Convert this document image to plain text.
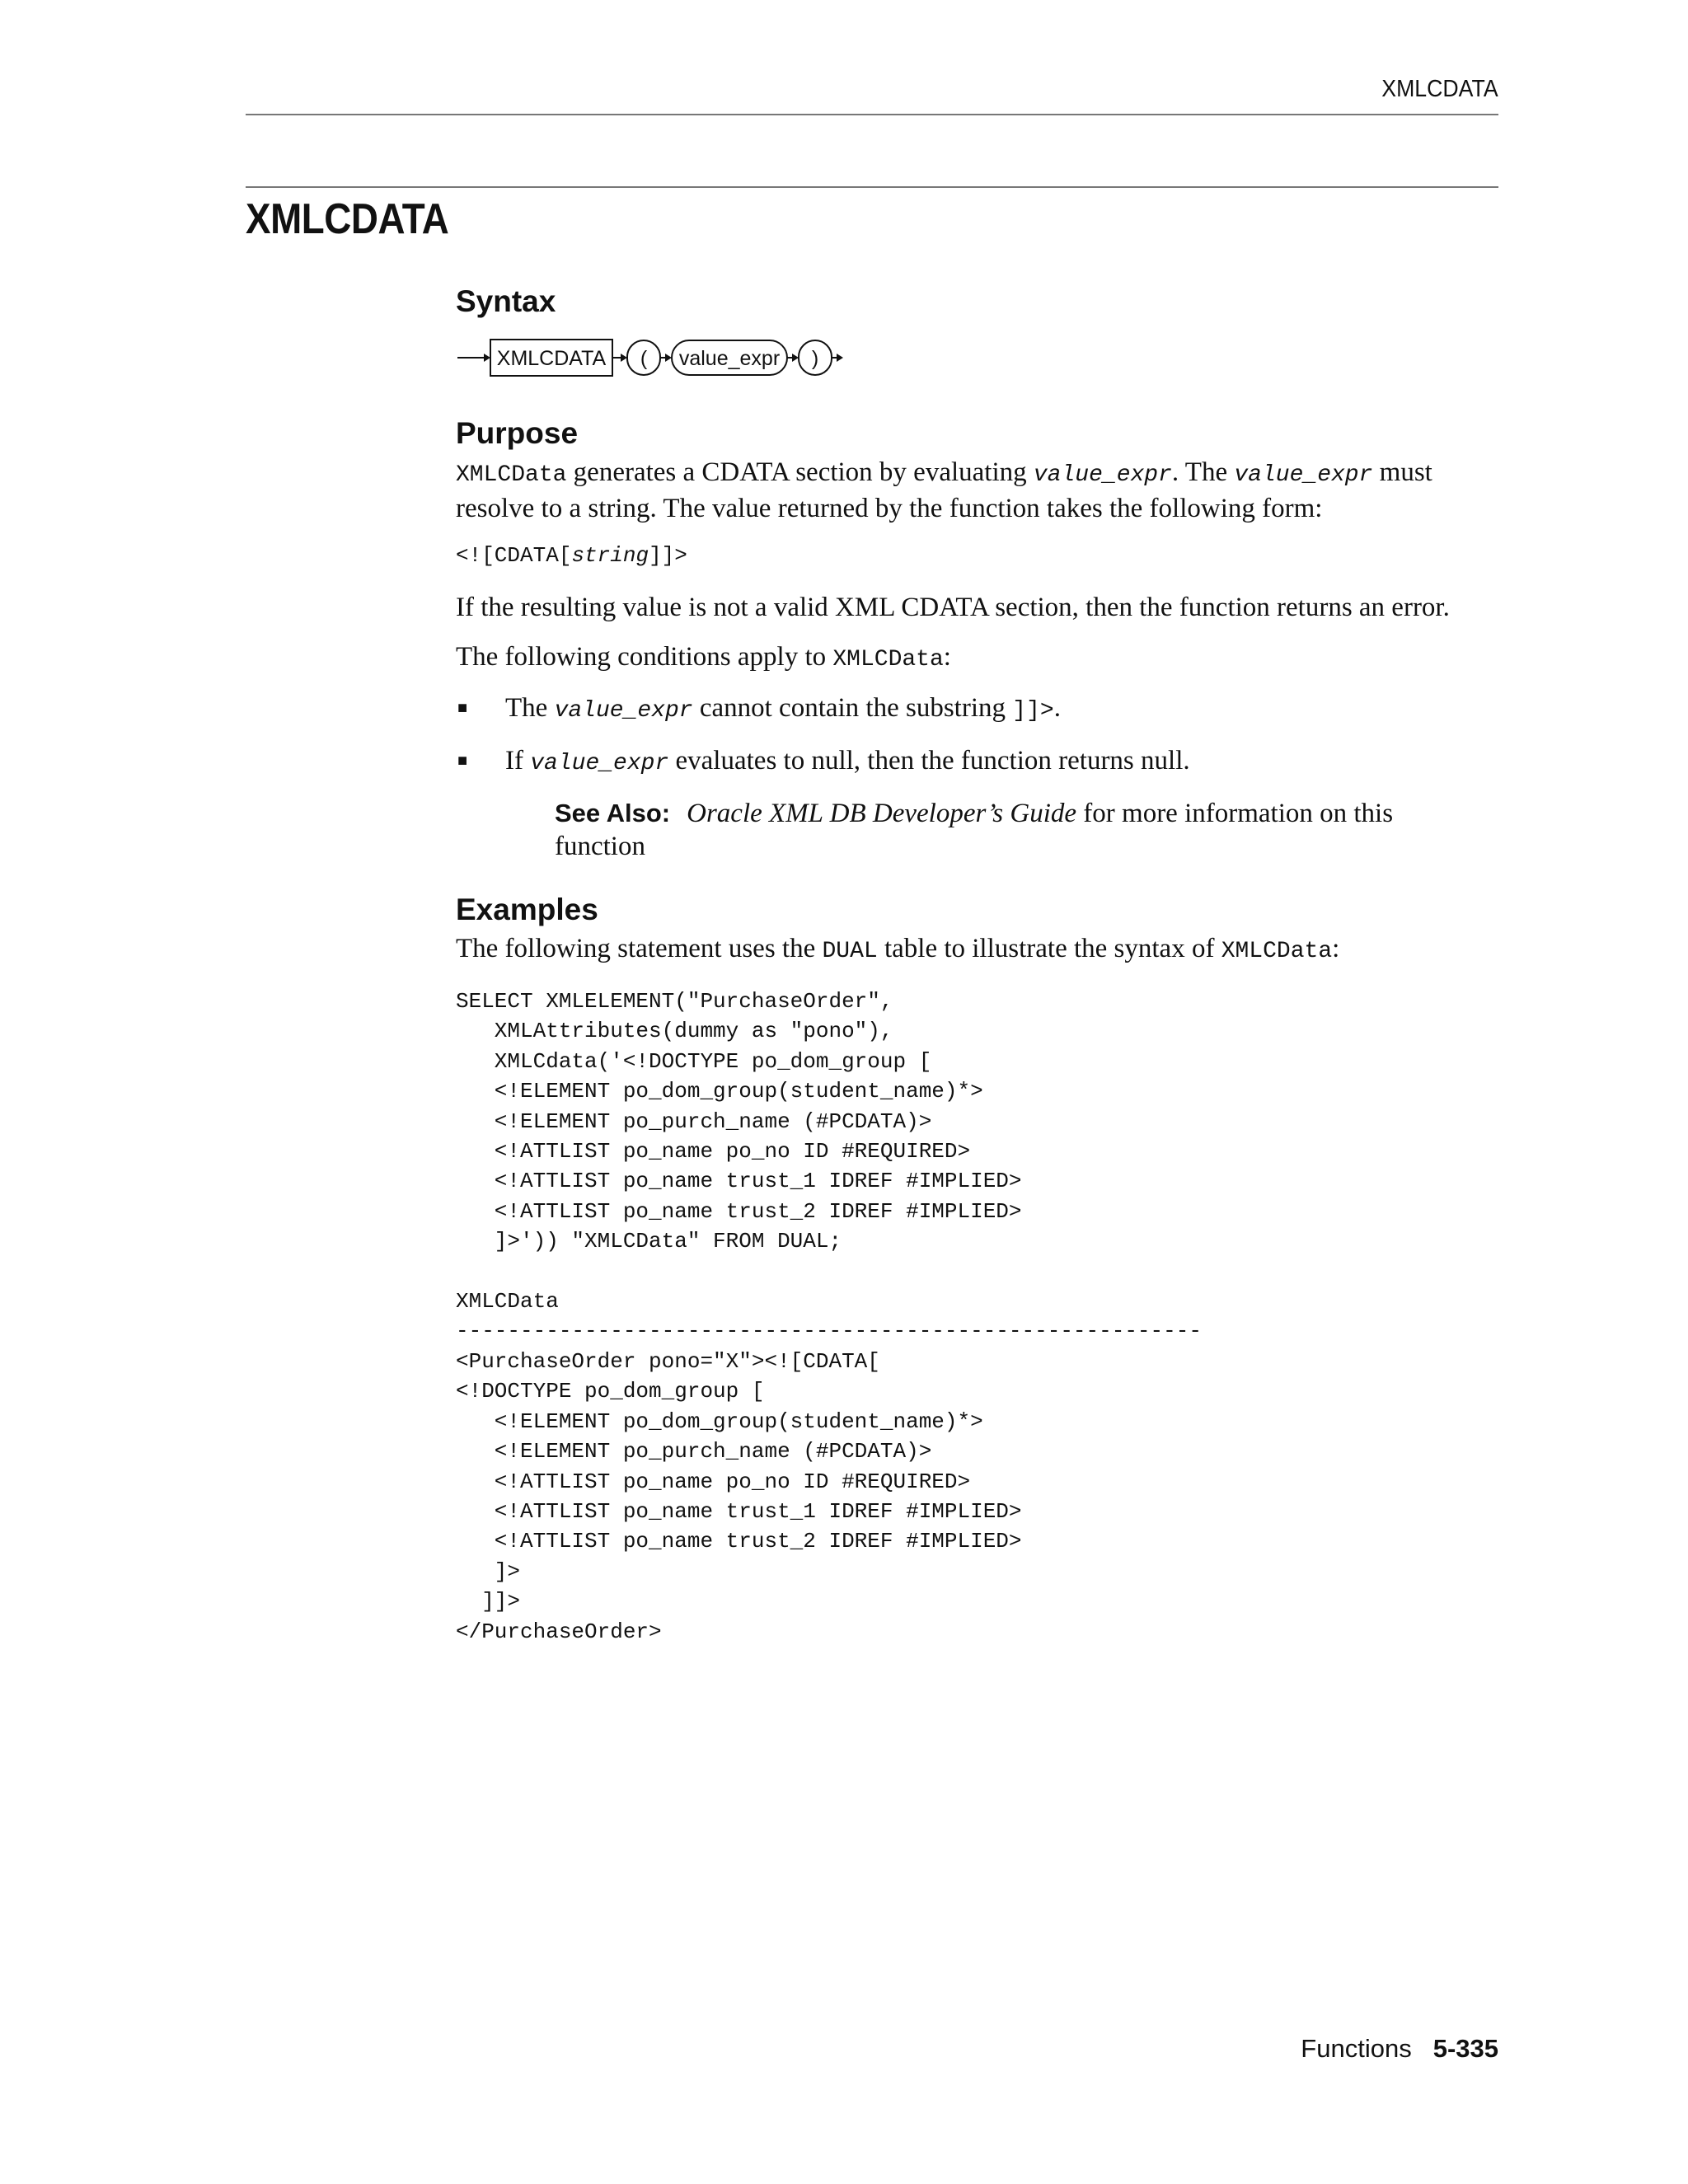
XMLCDATA
XMLCDATA
Syntax
XMLCDATA ( value_expr )
Purpose

XMLCData generates a CDATA section by evaluating value_expr. The value_expr must resolve to a string. The value returned by the function takes the following form:

<![CDATA[string]]>

If the resulting value is not a valid XML CDATA section, then the function returns an error.

The following conditions apply to XMLCData:

■ The value_expr cannot contain the substring ]]>.
■ If value_expr evaluates to null, then the function returns null.
See Also: Oracle XML DB Developer’s Guide for more information on this function
Examples

The following statement uses the DUAL table to illustrate the syntax of XMLCData:

SELECT XMLELEMENT("PurchaseOrder",
XMLAttributes(dummy as "pono"),
XMLCdata('<!DOCTYPE po_dom_group [
<!ELEMENT po_dom_group(student_name)*>
<!ELEMENT po_purch_name (#PCDATA)>
<!ATTLIST po_name po_no ID #REQUIRED>
<!ATTLIST po_name trust_1 IDREF #IMPLIED>
<!ATTLIST po_name trust_2 IDREF #IMPLIED>
]>')) "XMLCData" FROM DUAL;

XMLCData
----------------------------------------------------------
<PurchaseOrder pono="X"><![CDATA[
<!DOCTYPE po_dom_group [
<!ELEMENT po_dom_group(student_name)*>
<!ELEMENT po_purch_name (#PCDATA)>
<!ATTLIST po_name po_no ID #REQUIRED>
<!ATTLIST po_name trust_1 IDREF #IMPLIED>
<!ATTLIST po_name trust_2 IDREF #IMPLIED>
]>
]]>
</PurchaseOrder>
Functions 5-335
